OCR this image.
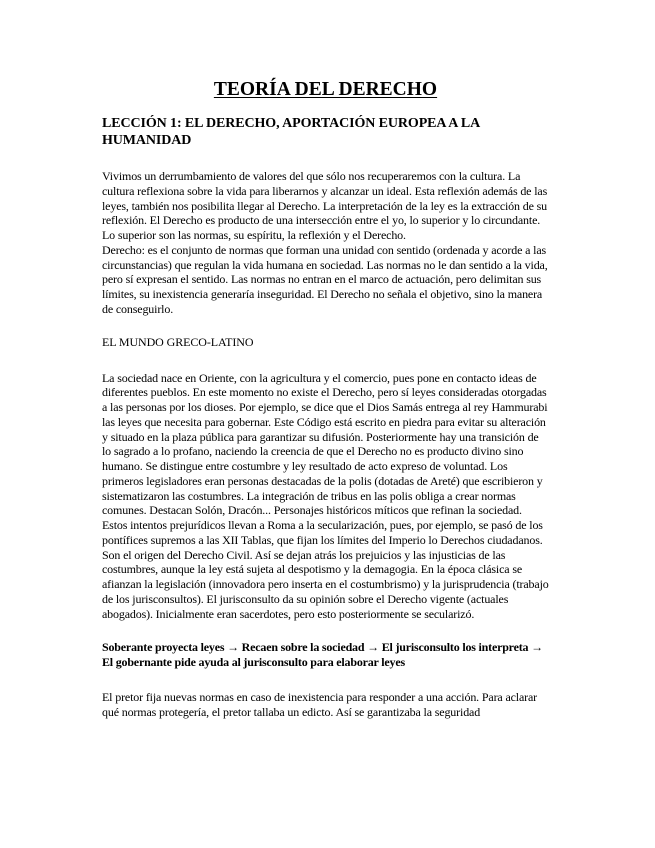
TEORÍA DEL DERECHO
LECCIÓN 1: EL DERECHO, APORTACIÓN EUROPEA A LA HUMANIDAD

Vivimos un derrumbamiento de valores del que sólo nos recuperaremos con la cultura. La cultura reflexiona sobre la vida para liberarnos y alcanzar un ideal. Esta reflexión además de las leyes, también nos posibilita llegar al Derecho. La interpretación de la ley es la extracción de su reflexión. El Derecho es producto de una intersección entre el yo, lo superior y lo circundante. Lo superior son las normas, su espíritu, la reflexión y el Derecho.

Derecho: es el conjunto de normas que forman una unidad con sentido (ordenada y acorde a las circunstancias) que regulan la vida humana en sociedad. Las normas no le dan sentido a la vida, pero sí expresan el sentido. Las normas no entran en el marco de actuación, pero delimitan sus límites, su inexistencia generaría inseguridad. El Derecho no señala el objetivo, sino la manera de conseguirlo.

EL MUNDO GRECO-LATINO

La sociedad nace en Oriente, con la agricultura y el comercio, pues pone en contacto ideas de diferentes pueblos. En este momento no existe el Derecho, pero sí leyes consideradas otorgadas a las personas por los dioses. Por ejemplo, se dice que el Dios Samás entrega al rey Hammurabi las leyes que necesita para gobernar. Este Código está escrito en piedra para evitar su alteración y situado en la plaza pública para garantizar su difusión. Posteriormente hay una transición de lo sagrado a lo profano, naciendo la creencia de que el Derecho no es producto divino sino humano. Se distingue entre costumbre y ley resultado de acto expreso de voluntad. Los primeros legisladores eran personas destacadas de la polis (dotadas de Areté) que escribieron y sistematizaron las costumbres. La integración de tribus en las polis obliga a crear normas comunes. Destacan Solón, Dracón... Personajes históricos míticos que refinan la sociedad. Estos intentos prejurídicos llevan a Roma a la secularización, pues, por ejemplo, se pasó de los pontífices supremos a las XII Tablas, que fijan los límites del Imperio lo Derechos ciudadanos. Son el origen del Derecho Civil. Así se dejan atrás los prejuicios y las injusticias de las costumbres, aunque la ley está sujeta al despotismo y la demagogia. En la época clásica se afianzan la legislación (innovadora pero inserta en el costumbrismo) y la jurisprudencia (trabajo de los jurisconsultos). El jurisconsulto da su opinión sobre el Derecho vigente (actuales abogados). Inicialmente eran sacerdotes, pero esto posteriormente se secularizó.

Soberante proyecta leyes → Recaen sobre la sociedad → El jurisconsulto los interpreta → El gobernante pide ayuda al jurisconsulto para elaborar leyes

El pretor fija nuevas normas en caso de inexistencia para responder a una acción. Para aclarar qué normas protegería, el pretor tallaba un edicto. Así se garantizaba la seguridad
